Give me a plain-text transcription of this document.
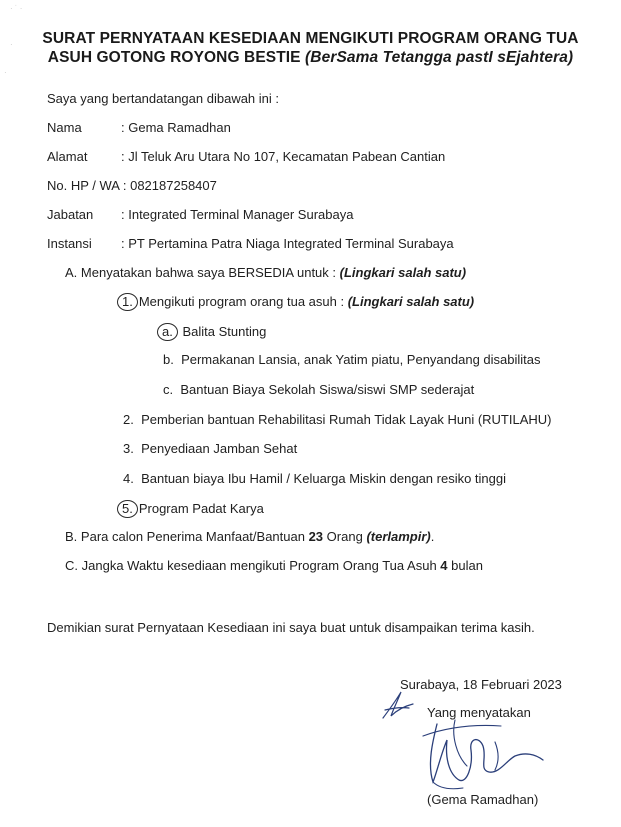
· ˙ ·
·
·
SURAT PERNYATAAN KESEDIAAN MENGIKUTI PROGRAM ORANG TUA
ASUH GOTONG ROYONG BESTIE (BerSama Tetangga pastI sEjahtera)
Saya yang bertandatangan dibawah ini :
Nama	: Gema Ramadhan
Alamat	: Jl Teluk Aru Utara No 107, Kecamatan Pabean Cantian
No. HP / WA : 082187258407
Jabatan : Integrated Terminal Manager Surabaya
Instansi : PT Pertamina Patra Niaga Integrated Terminal Surabaya
A. Menyatakan bahwa saya BERSEDIA untuk : (Lingkari salah satu)
1. Mengikuti program orang tua asuh : (Lingkari salah satu)
a. Balita Stunting
b. Permakanan Lansia, anak Yatim piatu, Penyandang disabilitas
c. Bantuan Biaya Sekolah Siswa/siswi SMP sederajat
2. Pemberian bantuan Rehabilitasi Rumah Tidak Layak Huni (RUTILAHU)
3. Penyediaan Jamban Sehat
4. Bantuan biaya Ibu Hamil / Keluarga Miskin dengan resiko tinggi
5. Program Padat Karya
B. Para calon Penerima Manfaat/Bantuan 23 Orang (terlampir).
C. Jangka Waktu kesediaan mengikuti Program Orang Tua Asuh 4 bulan
Demikian surat Pernyataan Kesediaan ini saya buat untuk disampaikan terima kasih.
Surabaya, 18 Februari 2023
Yang menyatakan
(Gema Ramadhan)
